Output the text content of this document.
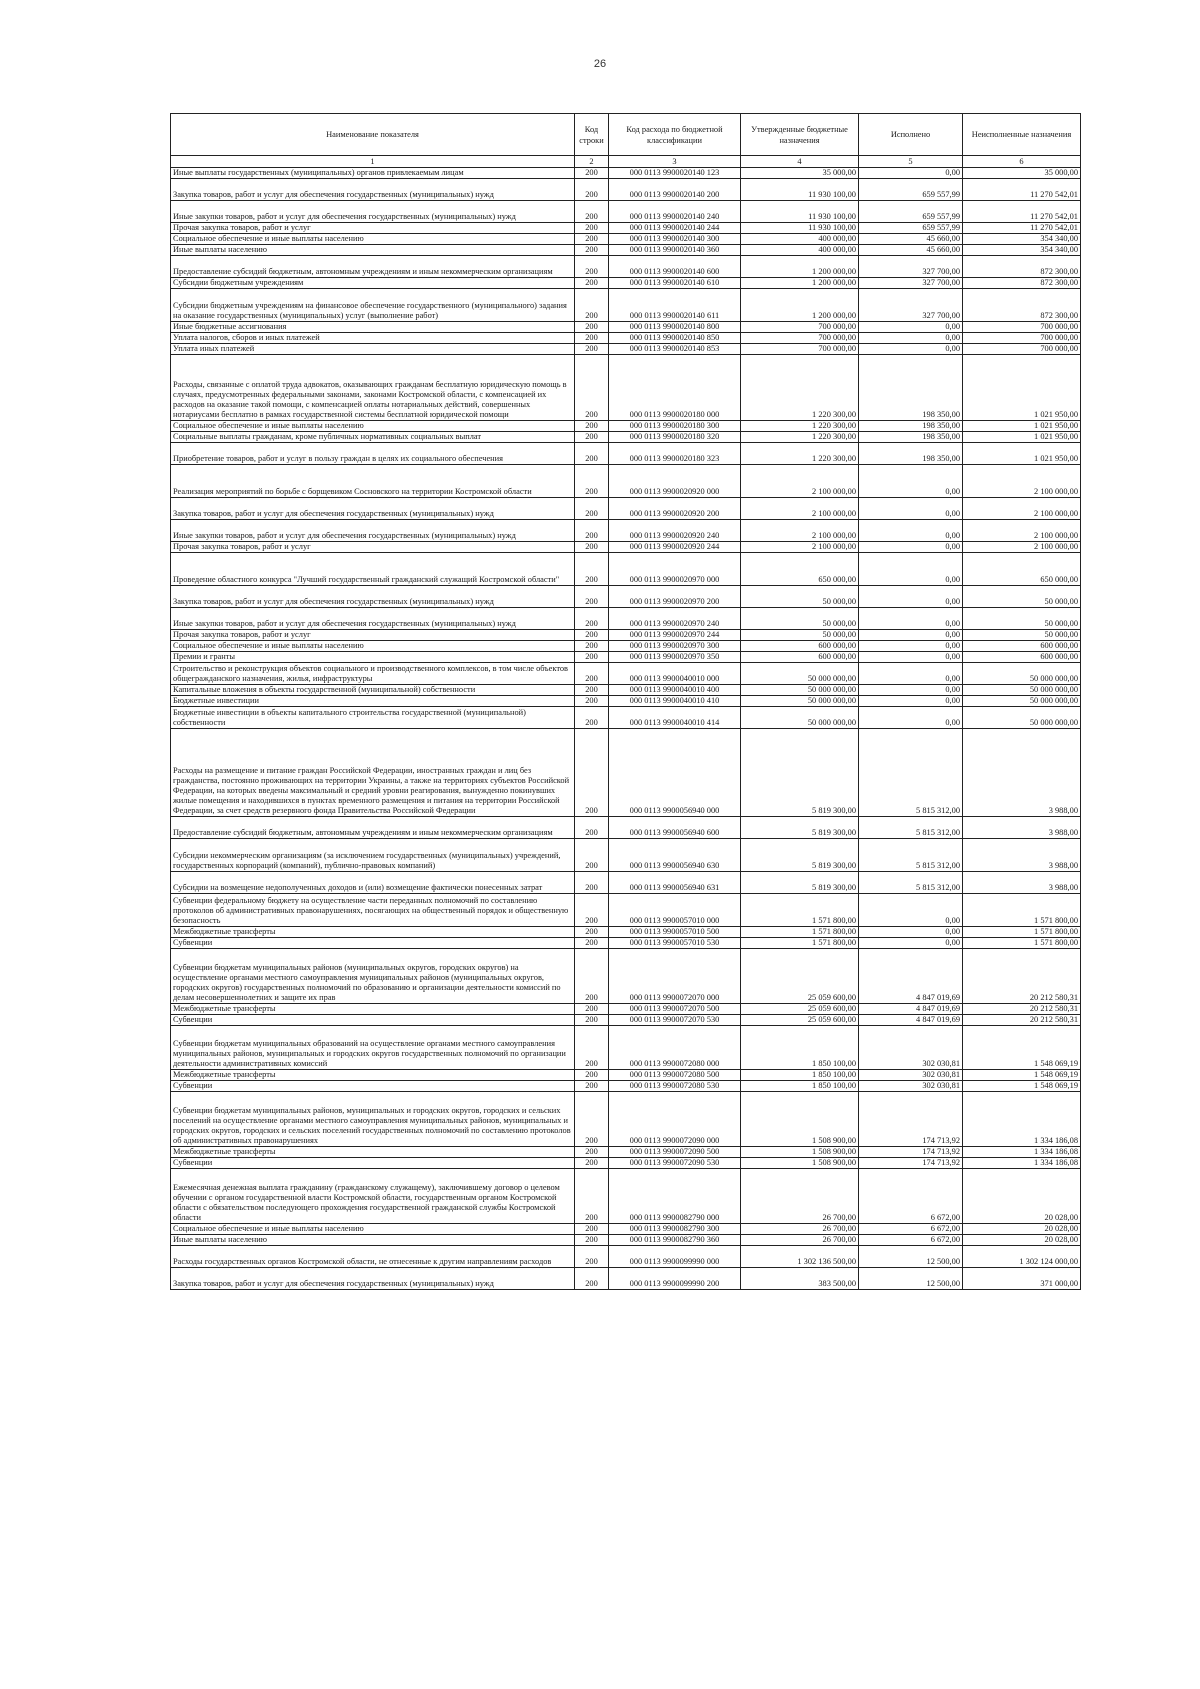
26
Наименование показателя	Код строки	Код расхода по бюджетной классификации	Утвержденные бюджетные назначения	Исполнено	Неисполненные назначения
1	2	3	4	5	6
Иные выплаты государственных (муниципальных) органов привлекаемым лицам	200	000 0113 9900020140 123	35 000,00	0,00	35 000,00
Закупка товаров, работ и услуг для обеспечения государственных (муниципальных) нужд	200	000 0113 9900020140 200	11 930 100,00	659 557,99	11 270 542,01
Иные закупки товаров, работ и услуг для обеспечения государственных (муниципальных) нужд	200	000 0113 9900020140 240	11 930 100,00	659 557,99	11 270 542,01
Прочая закупка товаров, работ и услуг	200	000 0113 9900020140 244	11 930 100,00	659 557,99	11 270 542,01
Социальное обеспечение и иные выплаты населению	200	000 0113 9900020140 300	400 000,00	45 660,00	354 340,00
Иные выплаты населению	200	000 0113 9900020140 360	400 000,00	45 660,00	354 340,00
Предоставление субсидий бюджетным, автономным учреждениям и иным некоммерческим организациям	200	000 0113 9900020140 600	1 200 000,00	327 700,00	872 300,00
Субсидии бюджетным учреждениям	200	000 0113 9900020140 610	1 200 000,00	327 700,00	872 300,00
Субсидии бюджетным учреждениям на финансовое обеспечение государственного (муниципального) задания на оказание государственных (муниципальных) услуг (выполнение работ)	200	000 0113 9900020140 611	1 200 000,00	327 700,00	872 300,00
Иные бюджетные ассигнования	200	000 0113 9900020140 800	700 000,00	0,00	700 000,00
Уплата налогов, сборов и иных платежей	200	000 0113 9900020140 850	700 000,00	0,00	700 000,00
Уплата иных платежей	200	000 0113 9900020140 853	700 000,00	0,00	700 000,00
Расходы, связанные с оплатой труда адвокатов, оказывающих гражданам бесплатную юридическую помощь в случаях, предусмотренных федеральными законами, законами Костромской области, с компенсацией их расходов на оказание такой помощи, с компенсацией оплаты нотариальных действий, совершенных нотариусами бесплатно в рамках государственной системы бесплатной юридической помощи	200	000 0113 9900020180 000	1 220 300,00	198 350,00	1 021 950,00
Социальное обеспечение и иные выплаты населению	200	000 0113 9900020180 300	1 220 300,00	198 350,00	1 021 950,00
Социальные выплаты гражданам, кроме публичных нормативных социальных выплат	200	000 0113 9900020180 320	1 220 300,00	198 350,00	1 021 950,00
Приобретение товаров, работ и услуг в пользу граждан в целях их социального обеспечения	200	000 0113 9900020180 323	1 220 300,00	198 350,00	1 021 950,00
Реализация мероприятий по борьбе с борщевиком Сосновского на территории Костромской области	200	000 0113 9900020920 000	2 100 000,00	0,00	2 100 000,00
Закупка товаров, работ и услуг для обеспечения государственных (муниципальных) нужд	200	000 0113 9900020920 200	2 100 000,00	0,00	2 100 000,00
Иные закупки товаров, работ и услуг для обеспечения государственных (муниципальных) нужд	200	000 0113 9900020920 240	2 100 000,00	0,00	2 100 000,00
Прочая закупка товаров, работ и услуг	200	000 0113 9900020920 244	2 100 000,00	0,00	2 100 000,00
Проведение областного конкурса "Лучший государственный гражданский служащий Костромской области"	200	000 0113 9900020970 000	650 000,00	0,00	650 000,00
Закупка товаров, работ и услуг для обеспечения государственных (муниципальных) нужд	200	000 0113 9900020970 200	50 000,00	0,00	50 000,00
Иные закупки товаров, работ и услуг для обеспечения государственных (муниципальных) нужд	200	000 0113 9900020970 240	50 000,00	0,00	50 000,00
Прочая закупка товаров, работ и услуг	200	000 0113 9900020970 244	50 000,00	0,00	50 000,00
Социальное обеспечение и иные выплаты населению	200	000 0113 9900020970 300	600 000,00	0,00	600 000,00
Премии и гранты	200	000 0113 9900020970 350	600 000,00	0,00	600 000,00
Строительство и реконструкция объектов социального и производственного комплексов, в том числе объектов общегражданского назначения, жилья, инфраструктуры	200	000 0113 9900040010 000	50 000 000,00	0,00	50 000 000,00
Капитальные вложения в объекты государственной (муниципальной) собственности	200	000 0113 9900040010 400	50 000 000,00	0,00	50 000 000,00
Бюджетные инвестиции	200	000 0113 9900040010 410	50 000 000,00	0,00	50 000 000,00
Бюджетные инвестиции в объекты капитального строительства государственной (муниципальной) собственности	200	000 0113 9900040010 414	50 000 000,00	0,00	50 000 000,00
Расходы на размещение и питание граждан Российской Федерации, иностранных граждан и лиц без гражданства, постоянно проживающих на территории Украины, а также на территориях субъектов Российской Федерации, на которых введены максимальный и средний уровни реагирования, вынужденно покинувших жилые помещения и находившихся в пунктах временного размещения и питания на территории Российской Федерации, за счет средств резервного фонда Правительства Российской Федерации	200	000 0113 9900056940 000	5 819 300,00	5 815 312,00	3 988,00
Предоставление субсидий бюджетным, автономным учреждениям и иным некоммерческим организациям	200	000 0113 9900056940 600	5 819 300,00	5 815 312,00	3 988,00
Субсидии некоммерческим организациям (за исключением государственных (муниципальных) учреждений, государственных корпораций (компаний), публично-правовых компаний)	200	000 0113 9900056940 630	5 819 300,00	5 815 312,00	3 988,00
Субсидии на возмещение недополученных доходов и (или) возмещение фактически понесенных затрат	200	000 0113 9900056940 631	5 819 300,00	5 815 312,00	3 988,00
Субвенции федеральному бюджету на осуществление части переданных полномочий по составлению протоколов об административных правонарушениях, посягающих на общественный порядок и общественную безопасность	200	000 0113 9900057010 000	1 571 800,00	0,00	1 571 800,00
Межбюджетные трансферты	200	000 0113 9900057010 500	1 571 800,00	0,00	1 571 800,00
Субвенции	200	000 0113 9900057010 530	1 571 800,00	0,00	1 571 800,00
Субвенции бюджетам муниципальных районов (муниципальных округов, городских округов) на осуществление органами местного самоуправления муниципальных районов (муниципальных округов, городских округов) государственных полномочий по образованию и организации деятельности комиссий по делам несовершеннолетних и защите их прав	200	000 0113 9900072070 000	25 059 600,00	4 847 019,69	20 212 580,31
Межбюджетные трансферты	200	000 0113 9900072070 500	25 059 600,00	4 847 019,69	20 212 580,31
Субвенции	200	000 0113 9900072070 530	25 059 600,00	4 847 019,69	20 212 580,31
Субвенции бюджетам муниципальных образований на осуществление органами местного самоуправления муниципальных районов, муниципальных и городских округов государственных полномочий по организации деятельности административных комиссий	200	000 0113 9900072080 000	1 850 100,00	302 030,81	1 548 069,19
Межбюджетные трансферты	200	000 0113 9900072080 500	1 850 100,00	302 030,81	1 548 069,19
Субвенции	200	000 0113 9900072080 530	1 850 100,00	302 030,81	1 548 069,19
Субвенции бюджетам муниципальных районов, муниципальных и городских округов, городских и сельских поселений на осуществление органами местного самоуправления муниципальных районов, муниципальных и городских округов, городских и сельских поселений государственных полномочий по составлению протоколов об административных правонарушениях	200	000 0113 9900072090 000	1 508 900,00	174 713,92	1 334 186,08
Межбюджетные трансферты	200	000 0113 9900072090 500	1 508 900,00	174 713,92	1 334 186,08
Субвенции	200	000 0113 9900072090 530	1 508 900,00	174 713,92	1 334 186,08
Ежемесячная денежная выплата гражданину (гражданскому служащему), заключившему договор о целевом обучении с органом государственной власти Костромской области, государственным органом Костромской области с обязательством последующего прохождения государственной гражданской службы Костромской области	200	000 0113 9900082790 000	26 700,00	6 672,00	20 028,00
Социальное обеспечение и иные выплаты населению	200	000 0113 9900082790 300	26 700,00	6 672,00	20 028,00
Иные выплаты населению	200	000 0113 9900082790 360	26 700,00	6 672,00	20 028,00
Расходы государственных органов Костромской области, не отнесенные к другим направлениям расходов	200	000 0113 9900099990 000	1 302 136 500,00	12 500,00	1 302 124 000,00
Закупка товаров, работ и услуг для обеспечения государственных (муниципальных) нужд	200	000 0113 9900099990 200	383 500,00	12 500,00	371 000,00
